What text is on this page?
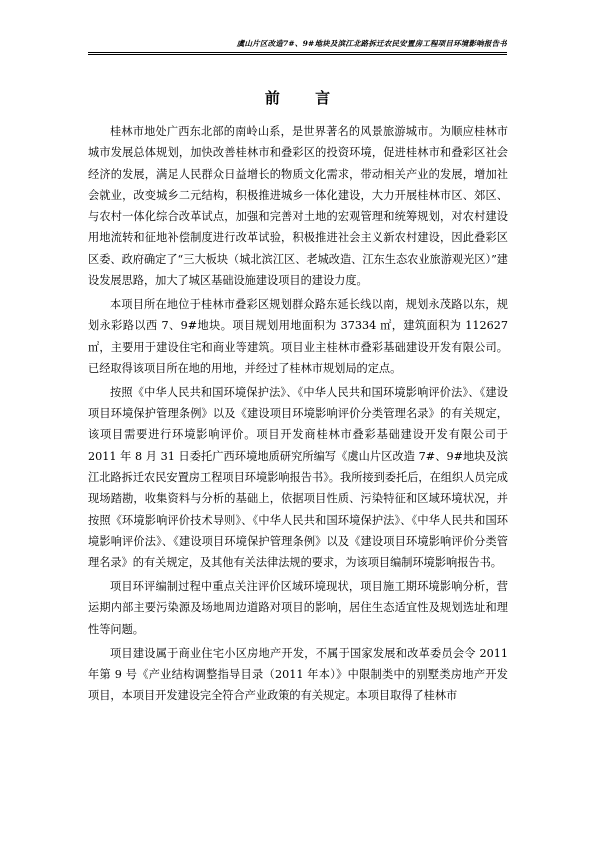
虞山片区改造7#、9#地块及滨江北路拆迁农民安置房工程项目环境影响报告书
前 言

桂林市地处广西东北部的南岭山系，是世界著名的风景旅游城市。为顺应桂林市城市发展总体规划，加快改善桂林市和叠彩区的投资环境，促进桂林市和叠彩区社会经济的发展，满足人民群众日益增长的物质文化需求，带动相关产业的发展，增加社会就业，改变城乡二元结构，积极推进城乡一体化建设，大力开展桂林市区、郊区、与农村一体化综合改革试点，加强和完善对土地的宏观管理和统筹规划，对农村建设用地流转和征地补偿制度进行改革试验，积极推进社会主义新农村建设，因此叠彩区区委、政府确定了“三大板块（城北滨江区、老城改造、江东生态农业旅游观光区）”建设发展思路，加大了城区基础设施建设项目的建设力度。

本项目所在地位于桂林市叠彩区规划群众路东延长线以南，规划永茂路以东，规划永彩路以西 7、9#地块。项目规划用地面积为 37334 ㎡，建筑面积为 112627 ㎡，主要用于建设住宅和商业等建筑。项目业主桂林市叠彩基础建设开发有限公司。已经取得该项目所在地的用地，并经过了桂林市规划局的定点。

按照《中华人民共和国环境保护法》、《中华人民共和国环境影响评价法》、《建设项目环境保护管理条例》以及《建设项目环境影响评价分类管理名录》的有关规定，该项目需要进行环境影响评价。项目开发商桂林市叠彩基础建设开发有限公司于 2011 年 8 月 31 日委托广西环境地质研究所编写《虞山片区改造 7#、9#地块及滨江北路拆迁农民安置房工程项目环境影响报告书》。我所接到委托后，在组织人员完成现场踏勘，收集资料与分析的基础上，依据项目性质、污染特征和区域环境状况，并按照《环境影响评价技术导则》、《中华人民共和国环境保护法》、《中华人民共和国环境影响评价法》、《建设项目环境保护管理条例》以及《建设项目环境影响评价分类管理名录》的有关规定，及其他有关法律法规的要求，为该项目编制环境影响报告书。

项目环评编制过程中重点关注评价区域环境现状，项目施工期环境影响分析，营运期内部主要污染源及场地周边道路对项目的影响，居住生态适宜性及规划选址和理性等问题。

项目建设属于商业住宅小区房地产开发，不属于国家发展和改革委员会令 2011 年第 9 号《产业结构调整指导目录（2011 年本）》中限制类中的别墅类房地产开发项目，本项目开发建设完全符合产业政策的有关规定。本项目取得了桂林市
